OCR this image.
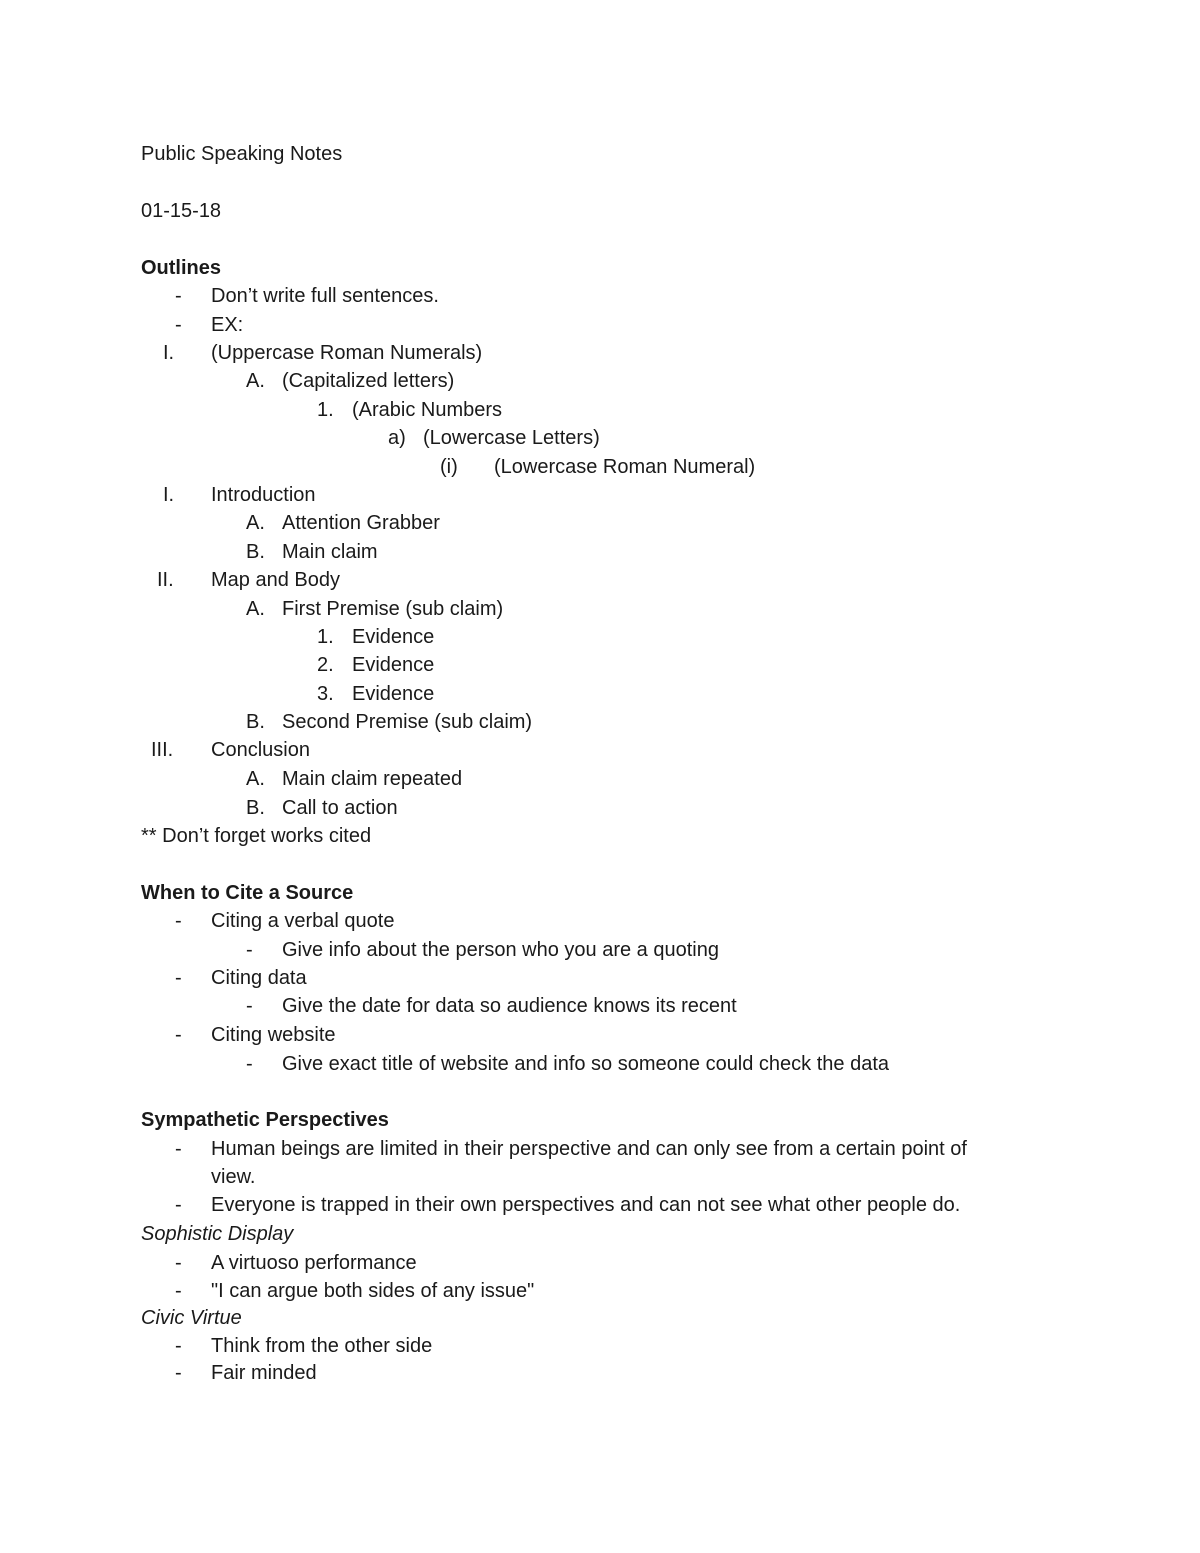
Public Speaking Notes
01-15-18
Outlines
- Don’t write full sentences.
- EX:
I. (Uppercase Roman Numerals)
A. (Capitalized letters)
1. (Arabic Numbers
a) (Lowercase Letters)
(i) (Lowercase Roman Numeral)
I. Introduction
A. Attention Grabber
B. Main claim
II. Map and Body
A. First Premise (sub claim)
1. Evidence
2. Evidence
3. Evidence
B. Second Premise (sub claim)
III. Conclusion
A. Main claim repeated
B. Call to action
** Don’t forget works cited
When to Cite a Source
- Citing a verbal quote
- Give info about the person who you are a quoting
- Citing data
- Give the date for data so audience knows its recent
- Citing website
- Give exact title of website and info so someone could check the data
Sympathetic Perspectives
- Human beings are limited in their perspective and can only see from a certain point of
view.
- Everyone is trapped in their own perspectives and can not see what other people do.
Sophistic Display
- A virtuoso performance
- "I can argue both sides of any issue"
Civic Virtue
- Think from the other side
- Fair minded
